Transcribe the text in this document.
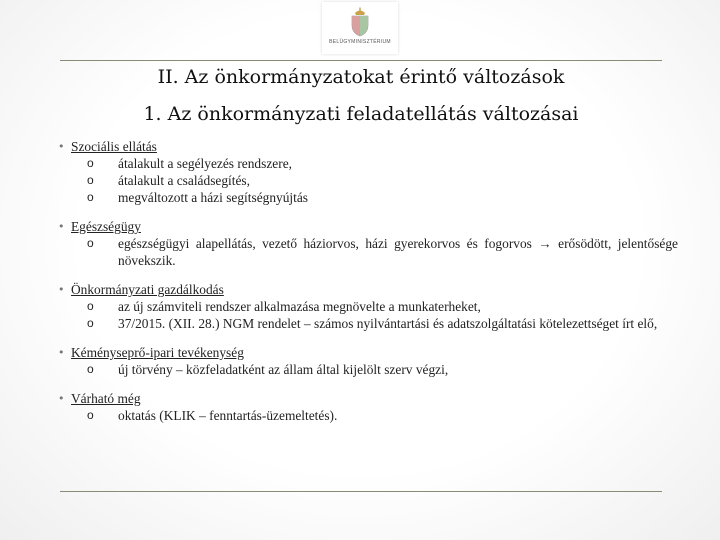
BELÜGYMINISZTÉRIUM
II. Az önkormányzatokat érintő változások
1. Az önkormányzati feladatellátás változásai
• Szociális ellátás
o átalakult a segélyezés rendszere,
o átalakult a családsegítés,
o megváltozott a házi segítségnyújtás
• Egészségügy
o egészségügyi alapellátás, vezető háziorvos, házi gyerekorvos és fogorvos → erősödött, jelentősége növekszik.
• Önkormányzati gazdálkodás
o az új számviteli rendszer alkalmazása megnövelte a munkaterheket,
o 37/2015. (XII. 28.) NGM rendelet – számos nyilvántartási és adatszolgáltatási kötelezettséget írt elő,
• Kéményseprő-ipari tevékenység
o új törvény – közfeladatként az állam által kijelölt szerv végzi,
• Várható még
o oktatás (KLIK – fenntartás-üzemeltetés).
